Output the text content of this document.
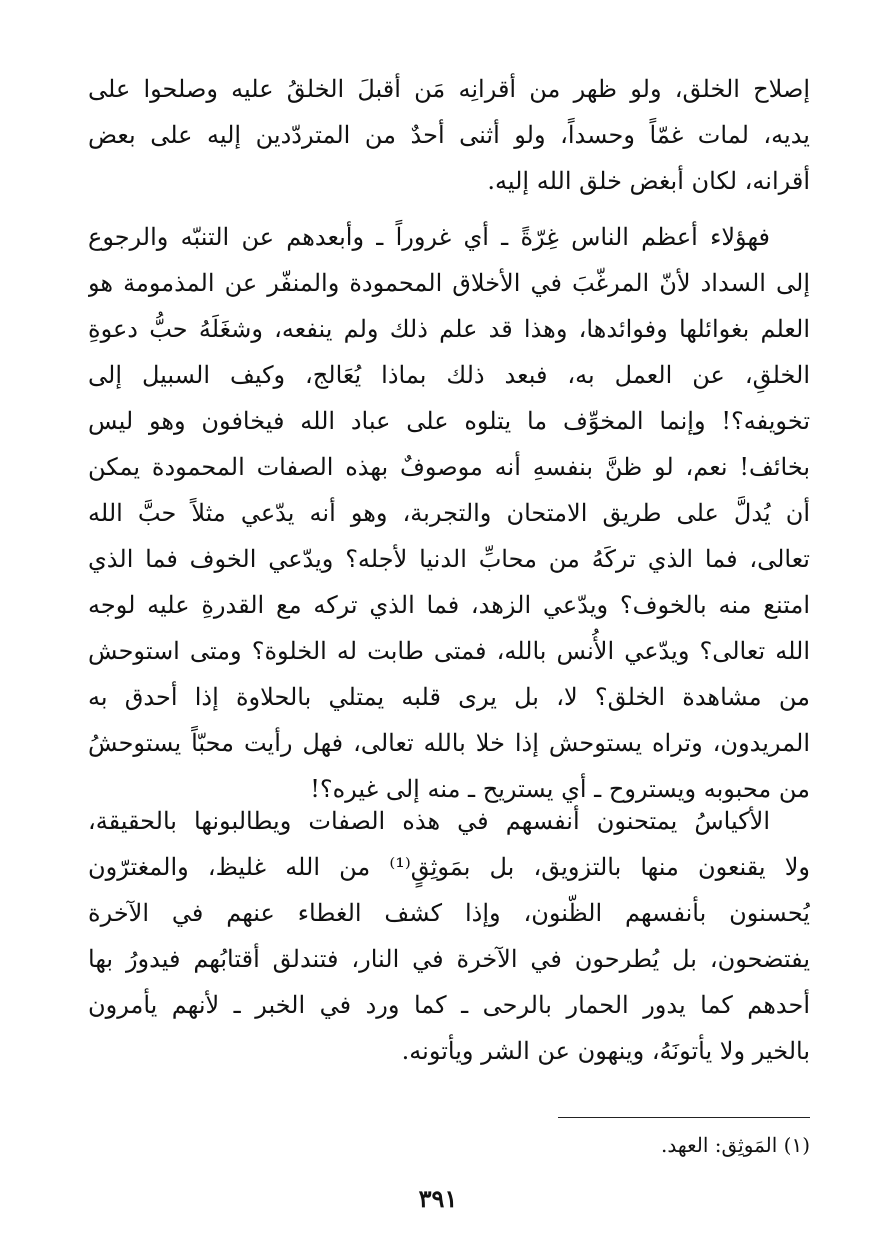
إصلاح الخلق، ولو ظهر من أقرانِه مَن أقبلَ الخلقُ عليه وصلحوا على
يديه، لمات غمّاً وحسداً، ولو أثنى أحدٌ من المتردّدين إليه على بعض
أقرانه، لكان أبغض خلق الله إليه.
فهؤلاء أعظم الناس غِرّةً ـ أي غروراً ـ وأبعدهم عن التنبّه والرجوع
إلى السداد لأنّ المرغّبَ في الأخلاق المحمودة والمنفّر عن المذمومة هو
العلم بغوائلها وفوائدها، وهذا قد علم ذلك ولم ينفعه، وشغَلَهُ حبُّ دعوةِ
الخلقِ، عن العمل به، فبعد ذلك بماذا يُعَالج، وكيف السبيل إلى
تخويفه؟! وإنما المخوِّف ما يتلوه على عباد الله فيخافون وهو ليس
بخائف! نعم، لو ظنَّ بنفسهِ أنه موصوفٌ بهذه الصفات المحمودة يمكن
أن يُدلَّ على طريق الامتحان والتجربة، وهو أنه يدّعي مثلاً حبَّ الله
تعالى، فما الذي تركَهُ من محابِّ الدنيا لأجله؟ ويدّعي الخوف فما الذي
امتنع منه بالخوف؟ ويدّعي الزهد، فما الذي تركه مع القدرةِ عليه لوجه
الله تعالى؟ ويدّعي الأُنس بالله، فمتى طابت له الخلوة؟ ومتى استوحش
من مشاهدة الخلق؟ لا، بل يرى قلبه يمتلي بالحلاوة إذا أحدق به
المريدون، وتراه يستوحش إذا خلا بالله تعالى، فهل رأيت محبّاً يستوحشُ
من محبوبه ويستروح ـ أي يستريح ـ منه إلى غيره؟!
الأكياسُ يمتحنون أنفسهم في هذه الصفات ويطالبونها بالحقيقة،
ولا يقنعون منها بالتزويق، بل بمَوثِقٍ⁽¹⁾ من الله غليظ، والمغترّون
يُحسنون بأنفسهم الظّنون، وإذا كشف الغطاء عنهم في الآخرة
يفتضحون، بل يُطرحون في الآخرة في النار، فتندلق أقتابُهم فيدورُ بها
أحدهم كما يدور الحمار بالرحى ـ كما ورد في الخبر ـ لأنهم يأمرون
بالخير ولا يأتونَهُ، وينهون عن الشر ويأتونه.
(١) المَوثِق: العهد.
٣٩١
